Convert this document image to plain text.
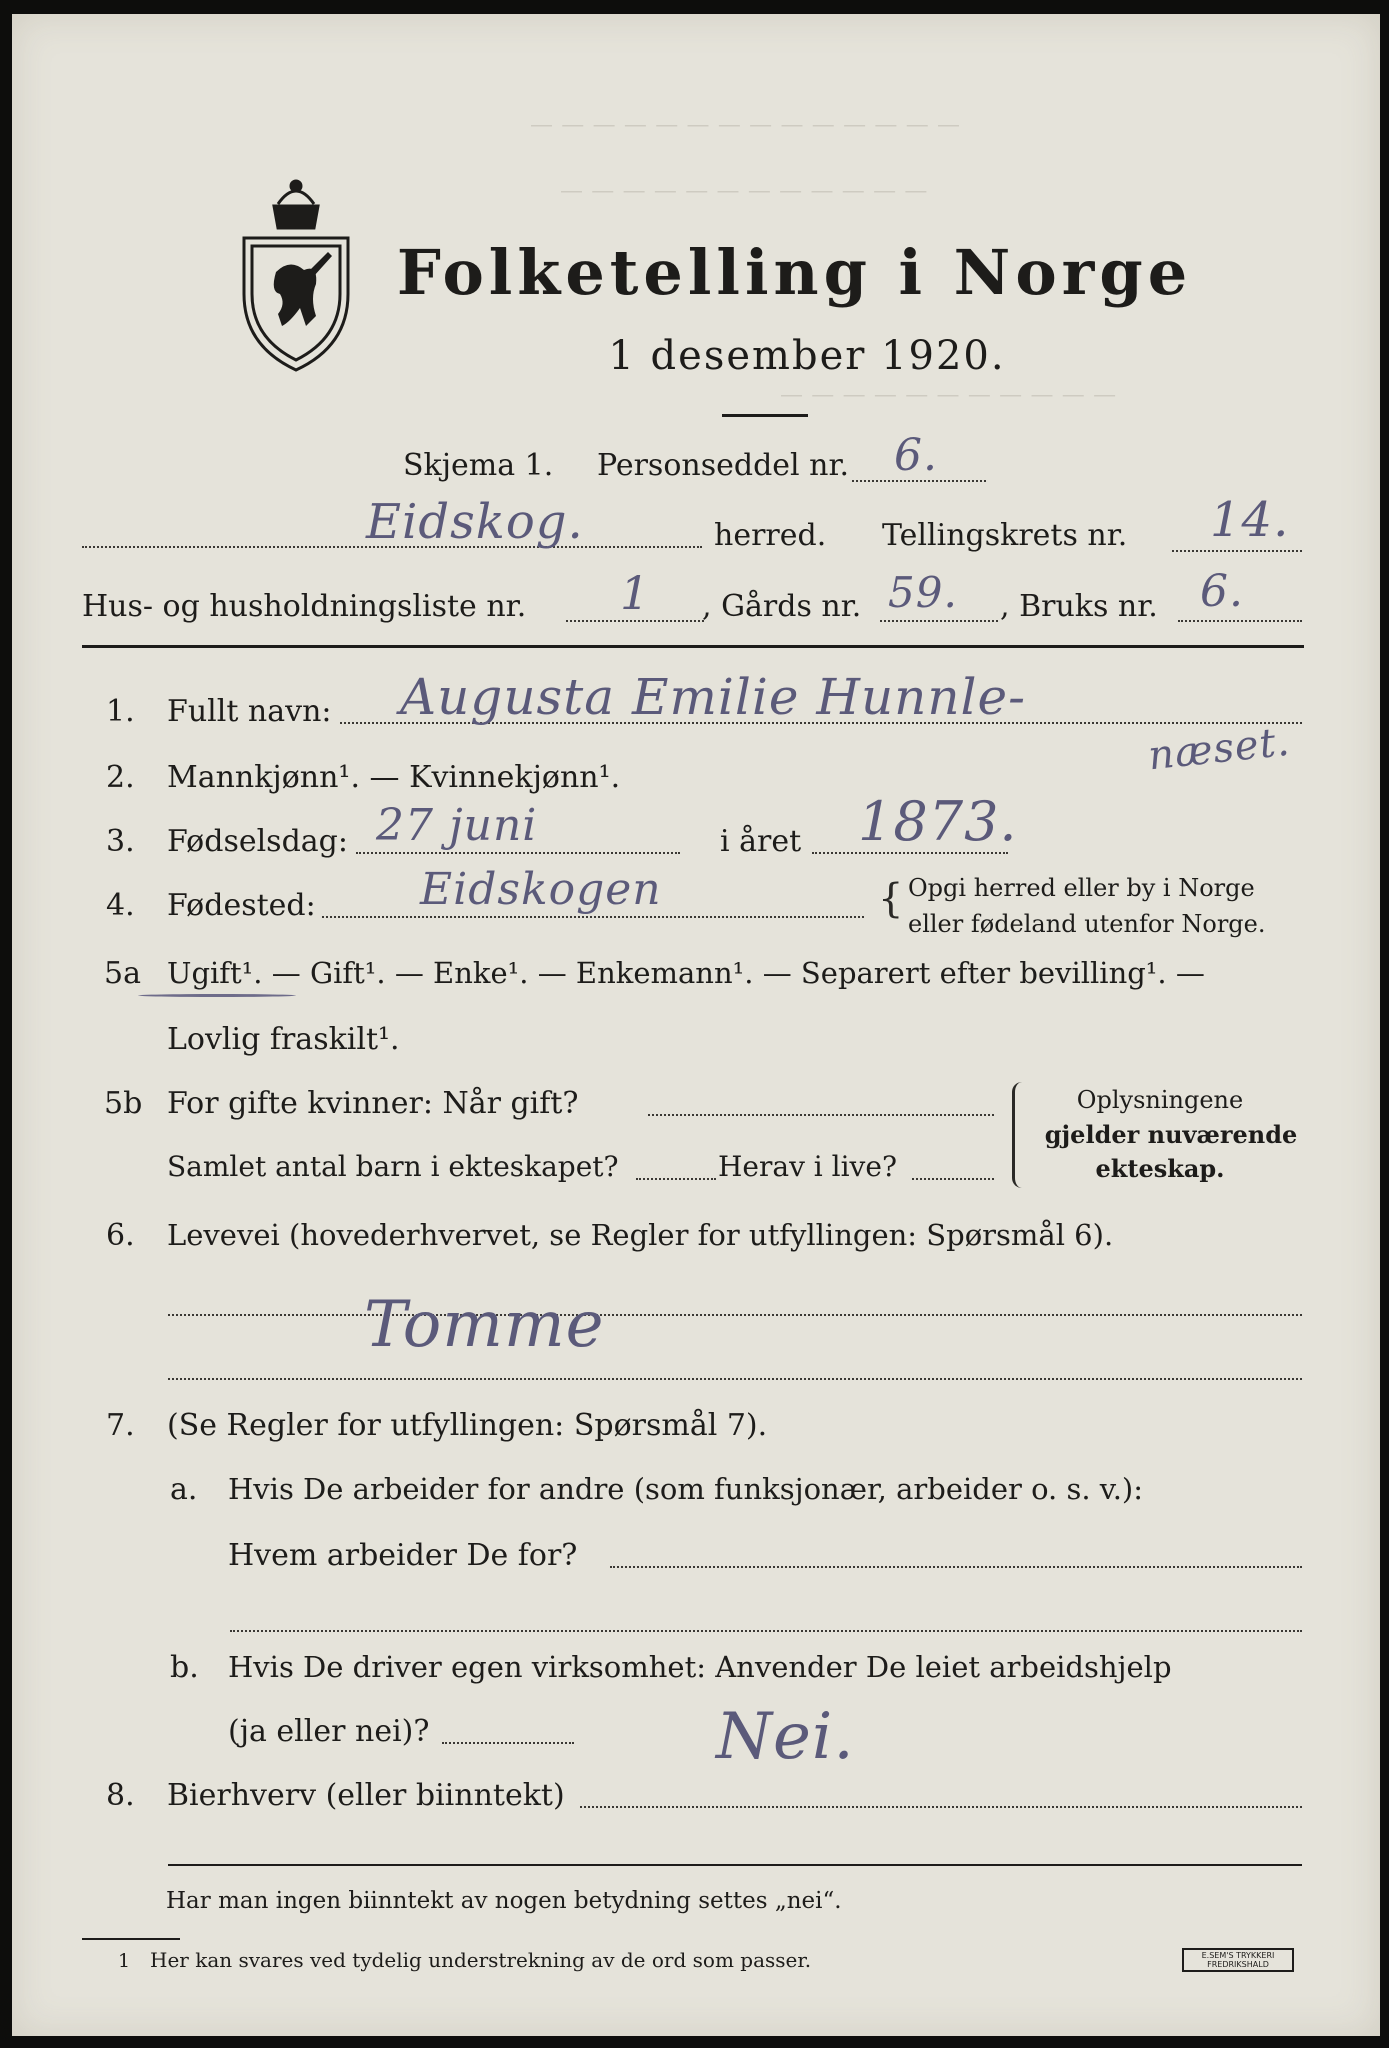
— — — — — — — — — — — — — —
— — — — — — — — — — — —
— — — — — — — — — — —
Folketelling i Norge
1 desember 1920.
Skjema 1. Personseddel nr. 6.
Eidskog.	herred. Tellingskrets nr. 14.
Hus- og husholdningsliste nr. 1 , Gårds nr. 59. , Bruks nr. 6.
1. Fullt navn: Augusta Emilie Hunnle-
næset.
2. Mannkjønn¹. — Kvinnekjønn¹.
3. Fødselsdag: 27 juni	i året 1873.
4. Fødested: Eidskogen	{ Opgi herred eller by i Norge
eller fødeland utenfor Norge.
5a Ugift¹. — Gift¹. — Enke¹. — Enkemann¹. — Separert efter bevilling¹. —
Lovlig fraskilt¹.
5b For gifte kvinner: Når gift?
Samlet antal barn i ekteskapet?	Herav i live?
Oplysningene
gjelder nuværende
ekteskap.
6. Levevei (hovederhvervet, se Regler for utfyllingen: Spørsmål 6).
Tomme
7. (Se Regler for utfyllingen: Spørsmål 7).
a. Hvis De arbeider for andre (som funksjonær, arbeider o. s. v.):
Hvem arbeider De for?
b. Hvis De driver egen virksomhet: Anvender De leiet arbeidshjelp
(ja eller nei)?
8. Bierhverv (eller biinntekt)
Nei.
Har man ingen biinntekt av nogen betydning settes „nei“.
1 Her kan svares ved tydelig understrekning av de ord som passer.	E.SEM'S TRYKKERI FREDRIKSHALD
